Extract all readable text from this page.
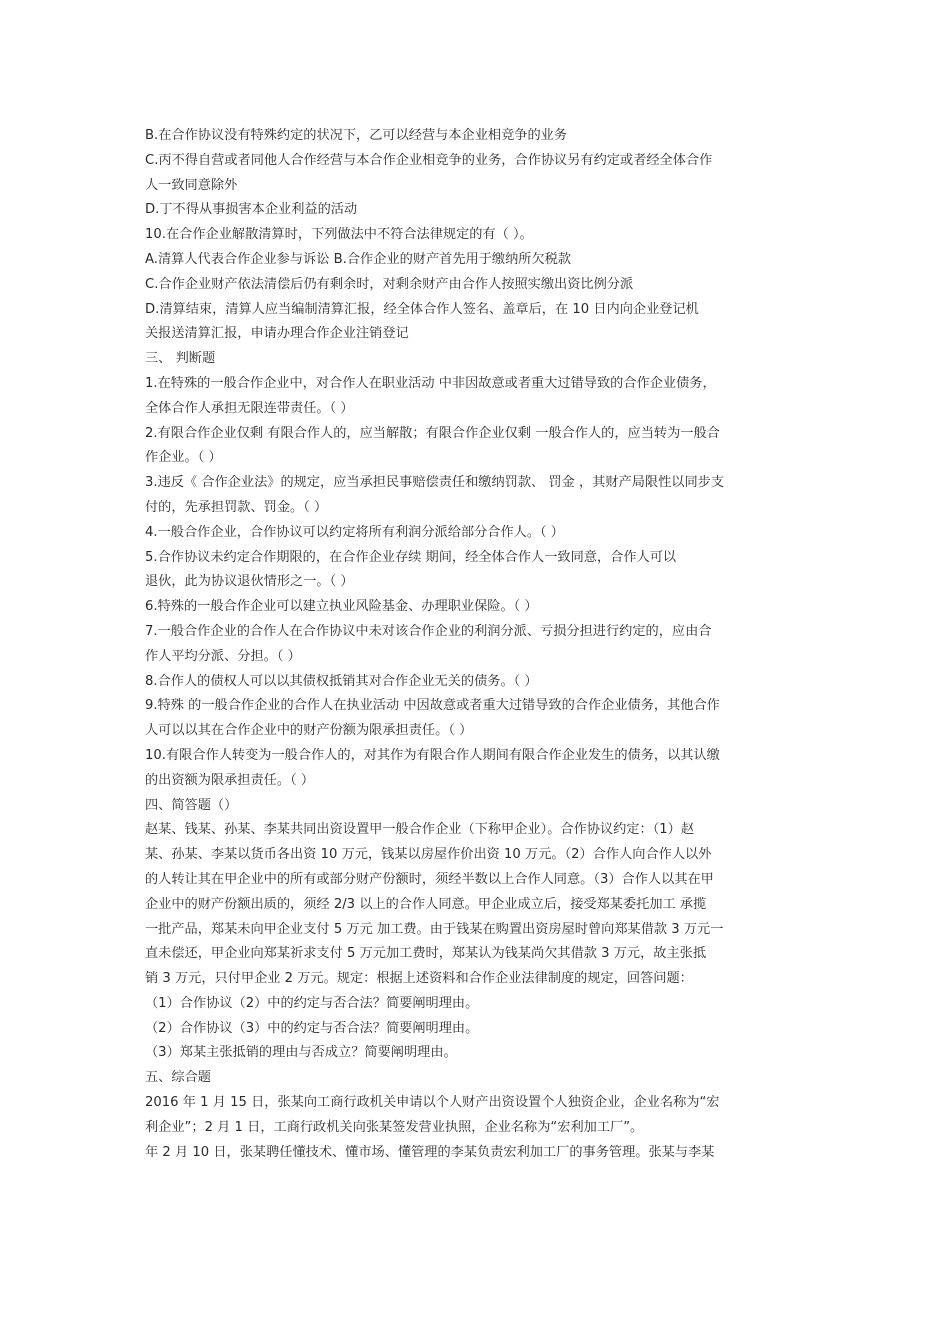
B.在合作协议没有特殊约定的状况下，乙可以经营与本企业相竞争的业务
C.丙不得自营或者同他人合作经营与本合作企业相竞争的业务，合作协议另有约定或者经全体合作
人一致同意除外
D.丁不得从事损害本企业利益的活动
10.在合作企业解散清算时，下列做法中不符合法律规定的有（ ）。
A.清算人代表合作企业参与诉讼 B.合作企业的财产首先用于缴纳所欠税款
C.合作企业财产依法清偿后仍有剩余时，对剩余财产由合作人按照实缴出资比例分派
D.清算结束，清算人应当编制清算汇报，经全体合作人签名、盖章后，在 10 日内向企业登记机
关报送清算汇报，申请办理合作企业注销登记
三、 判断题
1.在特殊的一般合作企业中，对合作人在职业活动 中非因故意或者重大过错导致的合作企业债务，
全体合作人承担无限连带责任。（ ）
2.有限合作企业仅剩 有限合作人的，应当解散；有限合作企业仅剩 一般合作人的，应当转为一般合
作企业。（ ）
3.违反《 合作企业法》的规定，应当承担民事赔偿责任和缴纳罚款、 罚金 ，其财产局限性以同步支
付的，先承担罚款、罚金。（ ）
4.一般合作企业，合作协议可以约定将所有利润分派给部分合作人。（ ）
5.合作协议未约定合作期限的，在合作企业存续 期间，经全体合作人一致同意，合作人可以
退伙，此为协议退伙情形之一。（ ）
6.特殊的一般合作企业可以建立执业风险基金、办理职业保险。（ ）
7.一般合作企业的合作人在合作协议中未对该合作企业的利润分派、亏损分担进行约定的，应由合
作人平均分派、分担。（ ）
8.合作人的债权人可以以其债权抵销其对合作企业无关的债务。（ ）
9.特殊 的一般合作企业的合作人在执业活动 中因故意或者重大过错导致的合作企业债务，其他合作
人可以以其在合作企业中的财产份额为限承担责任。（ ）
10.有限合作人转变为一般合作人的，对其作为有限合作人期间有限合作企业发生的债务，以其认缴
的出资额为限承担责任。（ ）
四、简答题（）
赵某、钱某、孙某、李某共同出资设置甲一般合作企业（下称甲企业）。合作协议约定：（1）赵
某、孙某、李某以货币各出资 10 万元，钱某以房屋作价出资 10 万元。（2）合作人向合作人以外
的人转让其在甲企业中的所有或部分财产份额时，须经半数以上合作人同意。（3）合作人以其在甲
企业中的财产份额出质的，须经 2/3 以上的合作人同意。甲企业成立后，接受郑某委托加工 承揽
一批产品，郑某未向甲企业支付 5 万元 加工费。由于钱某在购置出资房屋时曾向郑某借款 3 万元一
直未偿还，甲企业向郑某祈求支付 5 万元加工费时，郑某认为钱某尚欠其借款 3 万元，故主张抵
销 3 万元，只付甲企业 2 万元。规定：根据上述资料和合作企业法律制度的规定，回答问题：
（1）合作协议（2）中的约定与否合法？简要阐明理由。
（2）合作协议（3）中的约定与否合法？简要阐明理由。
（3）郑某主张抵销的理由与否成立？简要阐明理由。
五、综合题
2016 年 1 月 15 日，张某向工商行政机关申请以个人财产出资设置个人独资企业，企业名称为“宏
利企业”；2 月 1 日，工商行政机关向张某签发营业执照，企业名称为“宏利加工厂”。
年 2 月 10 日，张某聘任懂技术、懂市场、懂管理的李某负责宏利加工厂的事务管理。张某与李某
